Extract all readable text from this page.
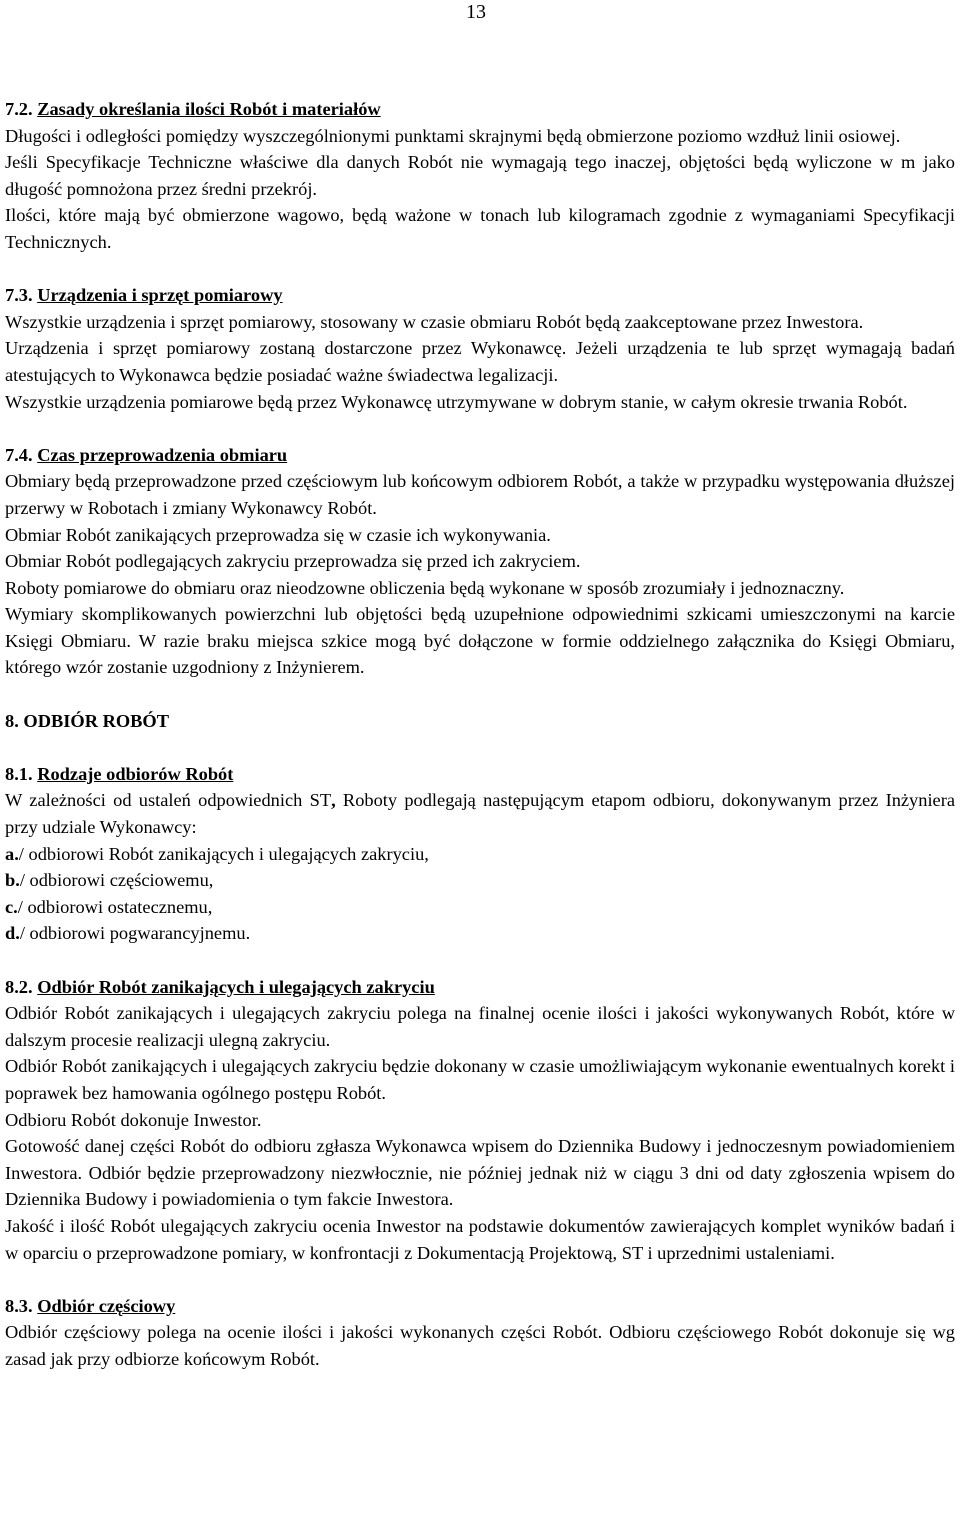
13

7.2. Zasady określania ilości Robót i materiałów

Długości i odległości pomiędzy wyszczególnionymi punktami skrajnymi będą obmierzone poziomo wzdłuż linii osiowej.

Jeśli Specyfikacje Techniczne właściwe dla danych Robót nie wymagają tego inaczej, objętości będą wyliczone w m jako długość pomnożona przez średni przekrój.

Ilości, które mają być obmierzone wagowo, będą ważone w tonach lub kilogramach zgodnie z wymaganiami Specyfikacji Technicznych.

7.3. Urządzenia i sprzęt pomiarowy

Wszystkie urządzenia i sprzęt pomiarowy, stosowany w czasie obmiaru Robót będą zaakceptowane przez Inwestora.

Urządzenia i sprzęt pomiarowy zostaną dostarczone przez Wykonawcę. Jeżeli urządzenia te lub sprzęt wymagają badań atestujących to Wykonawca będzie posiadać ważne świadectwa legalizacji.

Wszystkie urządzenia pomiarowe będą przez Wykonawcę utrzymywane w dobrym stanie, w całym okresie trwania Robót.

7.4. Czas przeprowadzenia obmiaru

Obmiary będą przeprowadzone przed częściowym lub końcowym odbiorem Robót, a także w przypadku występowania dłuższej przerwy w Robotach i zmiany Wykonawcy Robót.

Obmiar Robót zanikających przeprowadza się w czasie ich wykonywania.

Obmiar Robót podlegających zakryciu przeprowadza się przed ich zakryciem.

Roboty pomiarowe do obmiaru oraz nieodzowne obliczenia będą wykonane w sposób zrozumiały i jednoznaczny.

Wymiary skomplikowanych powierzchni lub objętości będą uzupełnione odpowiednimi szkicami umieszczonymi na karcie Księgi Obmiaru. W razie braku miejsca szkice mogą być dołączone w formie oddzielnego załącznika do Księgi Obmiaru, którego wzór zostanie uzgodniony z Inżynierem.

8. ODBIÓR ROBÓT

8.1. Rodzaje odbiorów Robót

W zależności od ustaleń odpowiednich ST, Roboty podlegają następującym etapom odbioru, dokonywanym przez Inżyniera przy udziale Wykonawcy:

a./ odbiorowi Robót zanikających i ulegających zakryciu,

b./ odbiorowi częściowemu,

c./ odbiorowi ostatecznemu,

d./ odbiorowi pogwarancyjnemu.

8.2. Odbiór Robót zanikających i ulegających zakryciu

Odbiór Robót zanikających i ulegających zakryciu polega na finalnej ocenie ilości i jakości wykonywanych Robót, które w dalszym procesie realizacji ulegną zakryciu.

Odbiór Robót zanikających i ulegających zakryciu będzie dokonany w czasie umożliwiającym wykonanie ewentualnych korekt i poprawek bez hamowania ogólnego postępu Robót.

Odbioru Robót dokonuje Inwestor.

Gotowość danej części Robót do odbioru zgłasza Wykonawca wpisem do Dziennika Budowy i jednoczesnym powiadomieniem Inwestora. Odbiór będzie przeprowadzony niezwłocznie, nie później jednak niż w ciągu 3 dni od daty zgłoszenia wpisem do Dziennika Budowy i powiadomienia o tym fakcie Inwestora.

Jakość i ilość Robót ulegających zakryciu ocenia Inwestor na podstawie dokumentów zawierających komplet wyników badań i w oparciu o przeprowadzone pomiary, w konfrontacji z Dokumentacją Projektową, ST i uprzednimi ustaleniami.

8.3. Odbiór częściowy

Odbiór częściowy polega na ocenie ilości i jakości wykonanych części Robót. Odbioru częściowego Robót dokonuje się wg zasad jak przy odbiorze końcowym Robót.
